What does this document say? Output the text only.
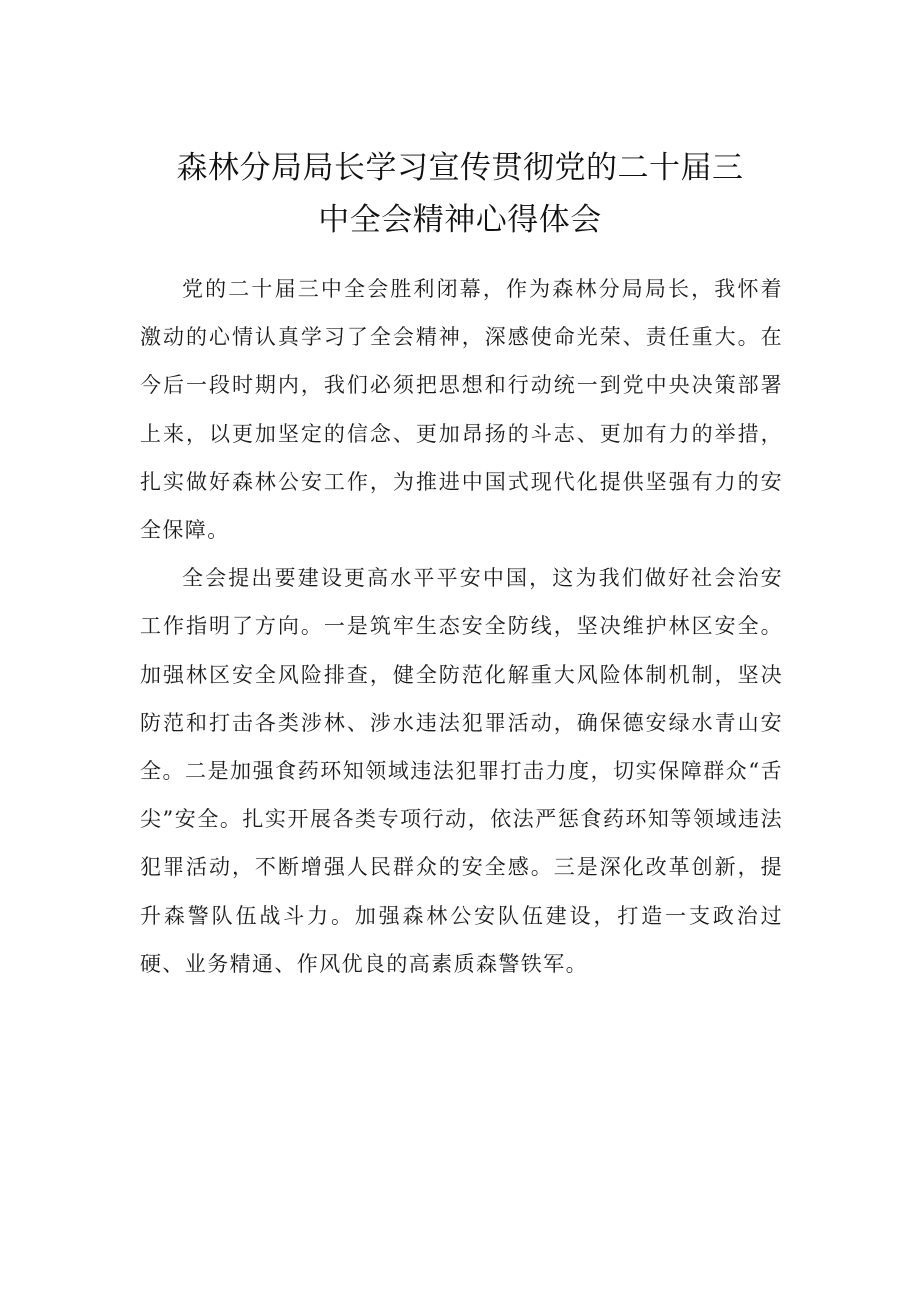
森林分局局长学习宣传贯彻党的二十届三
中全会精神心得体会

党的二十届三中全会胜利闭幕，作为森林分局局长，我怀着激动的心情认真学习了全会精神，深感使命光荣、责任重大。在今后一段时期内，我们必须把思想和行动统一到党中央决策部署上来，以更加坚定的信念、更加昂扬的斗志、更加有力的举措，扎实做好森林公安工作，为推进中国式现代化提供坚强有力的安全保障。

全会提出要建设更高水平平安中国，这为我们做好社会治安工作指明了方向。一是筑牢生态安全防线，坚决维护林区安全。加强林区安全风险排查，健全防范化解重大风险体制机制，坚决防范和打击各类涉林、涉水违法犯罪活动，确保德安绿水青山安全。二是加强食药环知领域违法犯罪打击力度，切实保障群众“舌尖”安全。扎实开展各类专项行动，依法严惩食药环知等领域违法犯罪活动，不断增强人民群众的安全感。三是深化改革创新，提升森警队伍战斗力。加强森林公安队伍建设，打造一支政治过硬、业务精通、作风优良的高素质森警铁军。
